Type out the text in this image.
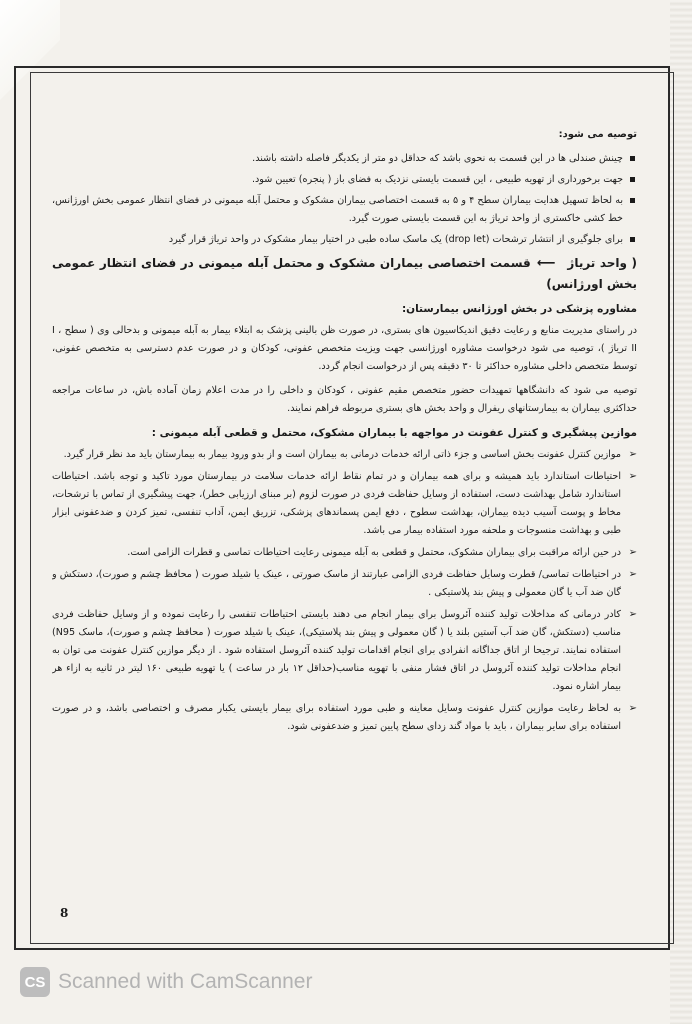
توصیه می شود:

چینش صندلی ها در این قسمت به نحوی باشد که حداقل دو متر از یکدیگر فاصله داشته باشند.

جهت برخورداری از تهویه طبیعی ، این قسمت بایستی نزدیک به فضای باز ( پنجره) تعیین شود.

به لحاظ تسهیل هدایت بیماران سطح ۴ و ۵ به قسمت اختصاصی بیماران مشکوک و محتمل آبله میمونی در فضای انتظار عمومی بخش اورژانس، خط کشی خاکستری از واحد تریاژ به این قسمت بایستی صورت گیرد.

برای جلوگیری از انتشار ترشحات (drop let) یک ماسک ساده طبی در اختیار بیمار مشکوک در واحد تریاژ قرار گیرد

( واحد تریاژ⟵قسمت اختصاصی بیماران مشکوک و محتمل آبله میمونی در فضای انتظار عمومی بخش اورژانس)

مشاوره پزشکی در بخش اورژانس بیمارستان:

در راستای مدیریت منابع و رعایت دقیق اندیکاسیون های بستری، در صورت ظن بالینی پزشک به ابتلاء بیمار به آبله میمونی و بدحالی وی ( سطح I ، II تریاژ )، توصیه می شود درخواست مشاوره اورژانسی جهت ویزیت متخصص عفونی، کودکان و در صورت عدم دسترسی به متخصص عفونی، توسط متخصص داخلی مشاوره حداکثر تا ۳۰ دقیقه پس از درخواست انجام گردد.

توصیه می شود که دانشگاهها تمهیدات حضور متخصص مقیم عفونی ، کودکان و داخلی را در مدت اعلام زمان آماده باش، در ساعات مراجعه حداکثری بیماران به بیمارستانهای ریفرال و واحد بخش های بستری مربوطه فراهم نمایند.

موازین پیشگیری و کنترل عفونت در مواجهه با بیماران مشکوک، محتمل و قطعی آبله میمونی :

➢
موازین کنترل عفونت بخش اساسی و جزء ذاتی ارائه خدمات درمانی به بیماران است و از بدو ورود بیمار به بیمارستان باید مد نظر قرار گیرد.

➢
احتیاطات استاندارد باید همیشه و برای همه بیماران و در تمام نقاط ارائه خدمات سلامت در بیمارستان مورد تاکید و توجه باشد. احتیاطات استاندارد شامل بهداشت دست، استفاده از وسایل حفاظت فردی در صورت لزوم (بر مبنای ارزیابی خطر)، جهت پیشگیری از تماس با ترشحات، مخاط و پوست آسیب دیده بیماران، بهداشت سطوح ، دفع ایمن پسماندهای پزشکی، تزریق ایمن، آداب تنفسی، تمیز کردن و ضدعفونی ابزار طبی و بهداشت منسوجات و ملحفه مورد استفاده بیمار می باشد.

➢
در حین ارائه مراقبت برای بیماران مشکوک، محتمل و قطعی به آبله میمونی رعایت احتیاطات تماسی و قطرات الزامی است.

➢
در احتیاطات تماسی/ قطرت وسایل حفاظت فردی الزامی عبارتند از ماسک صورتی ، عینک یا شیلد صورت ( محافظ چشم و صورت)، دستکش و گان ضد آب یا گان معمولی و پیش بند پلاستیکی .

➢
کادر درمانی که مداخلات تولید کننده آئروسل برای بیمار انجام می دهند بایستی احتیاطات تنفسی را رعایت نموده و از وسایل حفاظت فردی مناسب (دستکش، گان ضد آب آستین بلند یا ( گان معمولی و پیش بند پلاستیکی)، عینک یا شیلد صورت ( محافظ چشم و صورت)، ماسک N95) استفاده نمایند. ترجیحا از اتاق جداگانه انفرادی برای انجام اقدامات تولید کننده آئروسل استفاده شود . از دیگر موازین کنترل عفونت می توان به انجام مداخلات تولید کننده آئروسل در اتاق فشار منفی با تهویه مناسب(حداقل ۱۲ بار در ساعت ) یا تهویه طبیعی ۱۶۰ لیتر در ثانیه به ازاء هر بیمار اشاره نمود.

➢
به لحاظ رعایت موازین کنترل عفونت وسایل معاینه و طبی مورد استفاده برای بیمار بایستی یکبار مصرف و اختصاصی باشد، و در صورت استفاده برای سایر بیماران ، باید با مواد گند زدای سطح پایین تمیز و ضدعفونی شود.

8
CS Scanned with CamScanner
